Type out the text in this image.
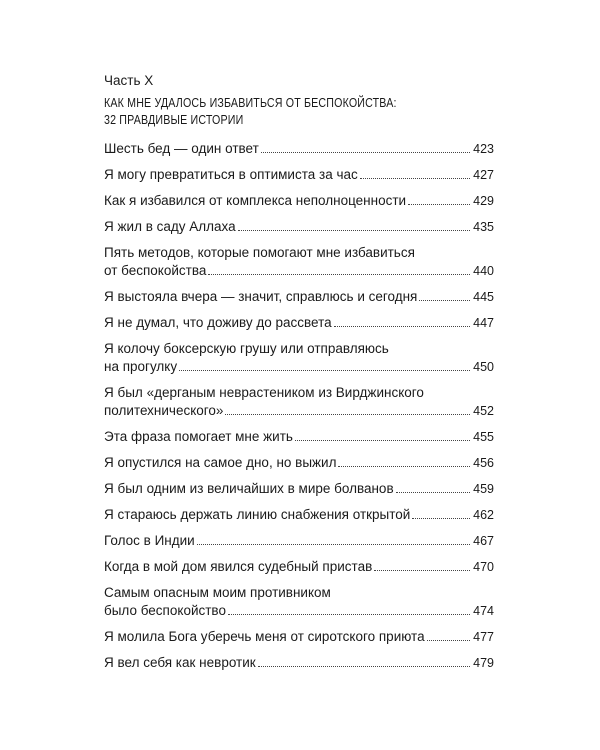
Часть X
КАК МНЕ УДАЛОСЬ ИЗБАВИТЬСЯ ОТ БЕСПОКОЙСТВА:
32 ПРАВДИВЫЕ ИСТОРИИ
Шесть бед — один ответ	423
Я могу превратиться в оптимиста за час	427
Как я избавился от комплекса неполноценности	429
Я жил в саду Аллаха	435
Пять методов, которые помогают мне избавиться
от беспокойства	440
Я выстояла вчера — значит, справлюсь и сегодня	445
Я не думал, что доживу до рассвета	447
Я колочу боксерскую грушу или отправляюсь
на прогулку	450
Я был «дерганым неврастеником из Вирджинского
политехнического»	452
Эта фраза помогает мне жить	455
Я опустился на самое дно, но выжил	456
Я был одним из величайших в мире болванов	459
Я стараюсь держать линию снабжения открытой	462
Голос в Индии	467
Когда в мой дом явился судебный пристав	470
Самым опасным моим противником
было беспокойство	474
Я молила Бога уберечь меня от сиротского приюта	477
Я вел себя как невротик	479
